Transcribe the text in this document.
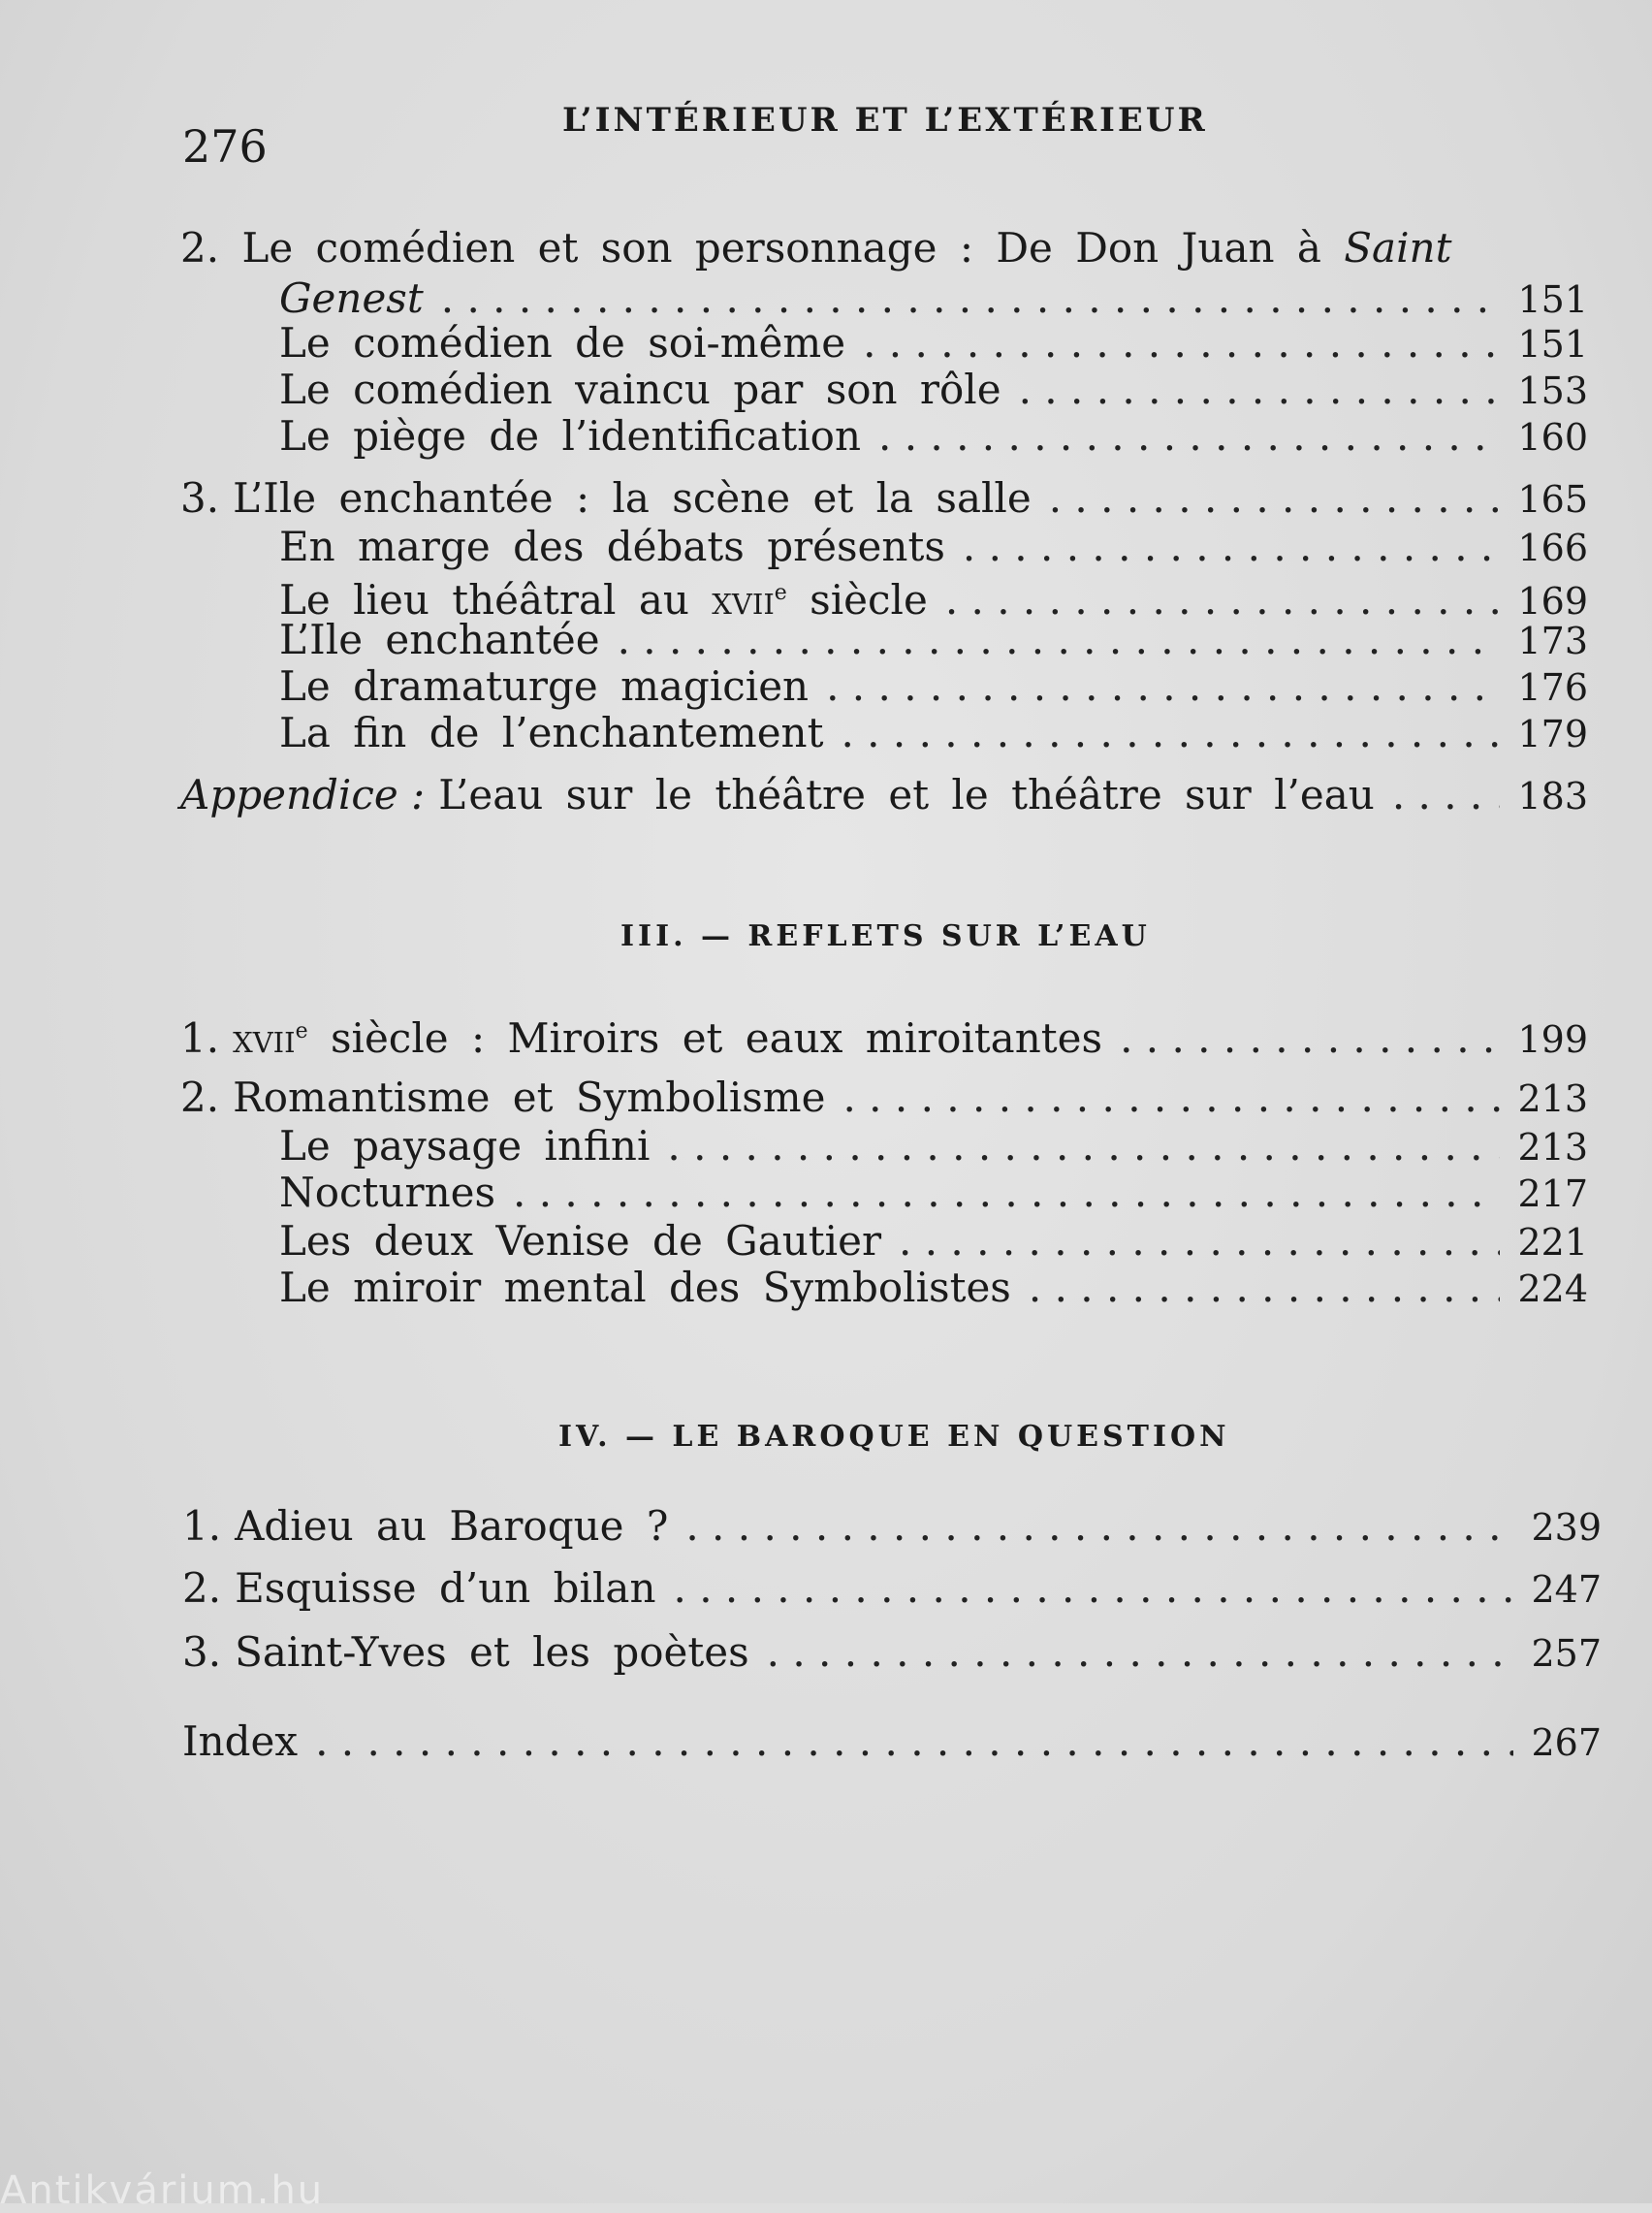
276	L’INTÉRIEUR ET L’EXTÉRIEUR
2. Le comédien et son personnage : De Don Juan à Saint
Genest . . .	151
Le comédien de soi-même . . .	151
Le comédien vaincu par son rôle . . .	153
Le piège de l’identification . . .	160
3. L’Ile enchantée : la scène et la salle . . .	165
En marge des débats présents . . .	166
Le lieu théâtral au xvii$^e$ siècle . . .	169
L’Ile enchantée . . .	173
Le dramaturge magicien . . .	176
La fin de l’enchantement . . .	179
Appendice : L’eau sur le théâtre et le théâtre sur l’eau . . .	183
III. — REFLETS SUR L’EAU
1. xvii$^e$ siècle : Miroirs et eaux miroitantes . . .	199
2. Romantisme et Symbolisme . . .	213
Le paysage infini . . .	213
Nocturnes . . .	217
Les deux Venise de Gautier . . .	221
Le miroir mental des Symbolistes . . .	224
IV. — LE BAROQUE EN QUESTION
1. Adieu au Baroque ? . . .	239
2. Esquisse d’un bilan . . .	247
3. Saint-Yves et les poètes . . .	257
Index . . .	267
Antikvárium.hu
